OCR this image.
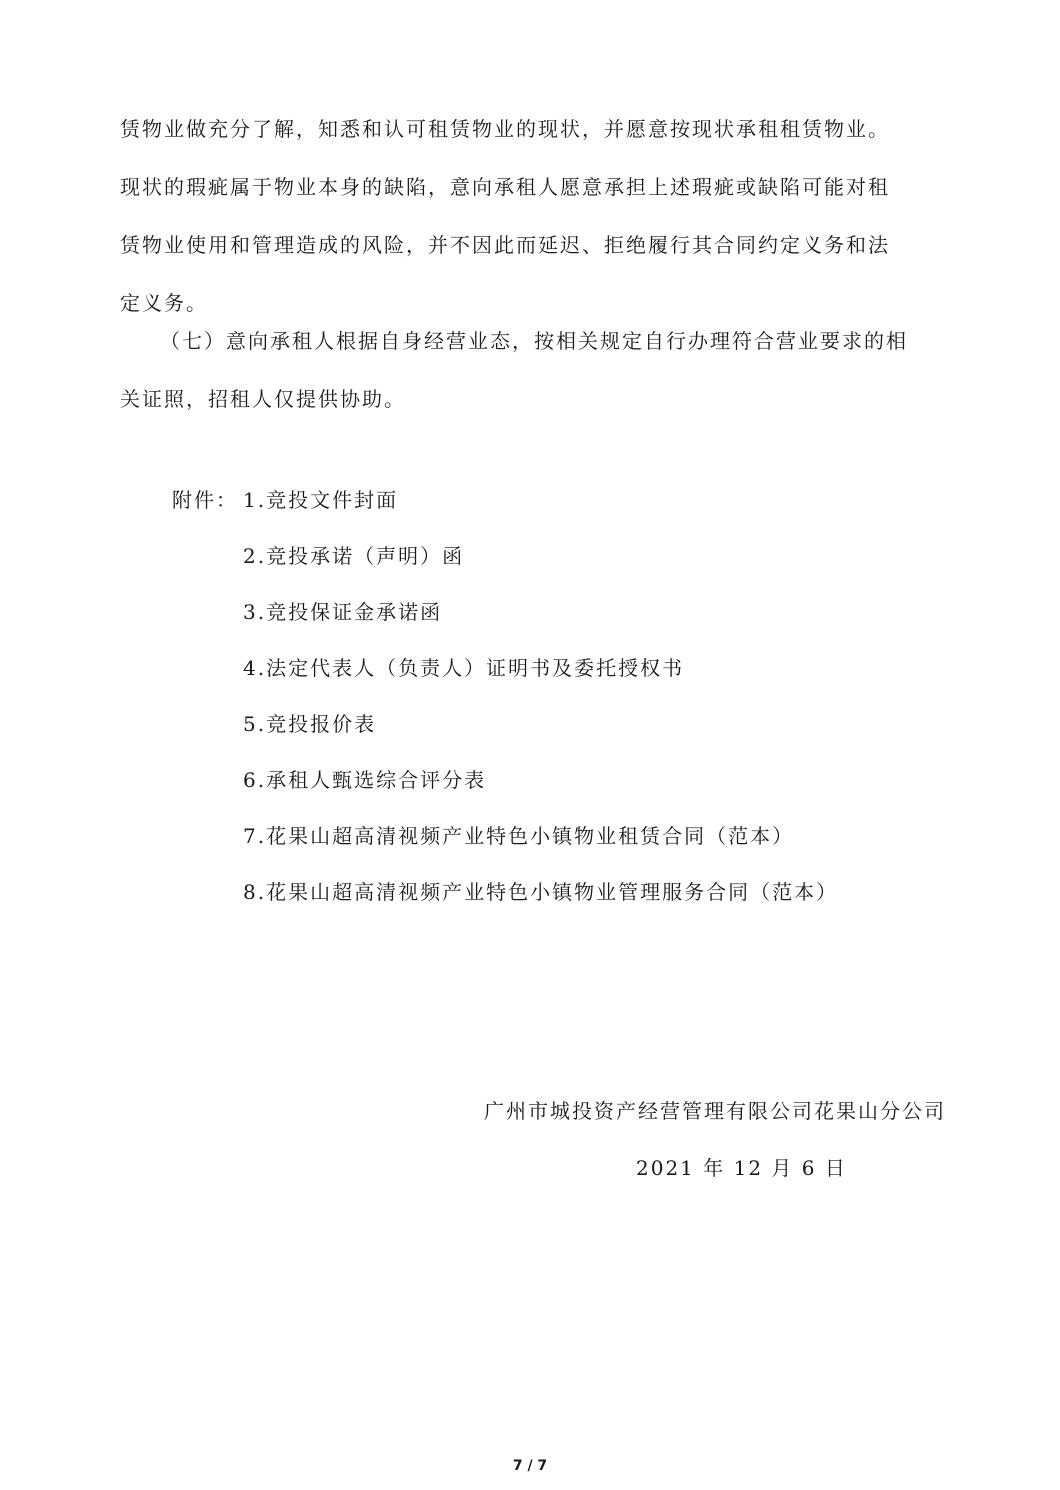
赁物业做充分了解，知悉和认可租赁物业的现状，并愿意按现状承租租赁物业。
现状的瑕疵属于物业本身的缺陷，意向承租人愿意承担上述瑕疵或缺陷可能对租
赁物业使用和管理造成的风险，并不因此而延迟、拒绝履行其合同约定义务和法
定义务。
（七）意向承租人根据自身经营业态，按相关规定自行办理符合营业要求的相
关证照，招租人仅提供协助。
附件： 1.竞投文件封面
2.竞投承诺（声明）函
3.竞投保证金承诺函
4.法定代表人（负责人）证明书及委托授权书
5.竞投报价表
6.承租人甄选综合评分表
7.花果山超高清视频产业特色小镇物业租赁合同（范本）
8.花果山超高清视频产业特色小镇物业管理服务合同（范本）
广州市城投资产经营管理有限公司花果山分公司
2021 年 12 月 6 日
7 / 7
